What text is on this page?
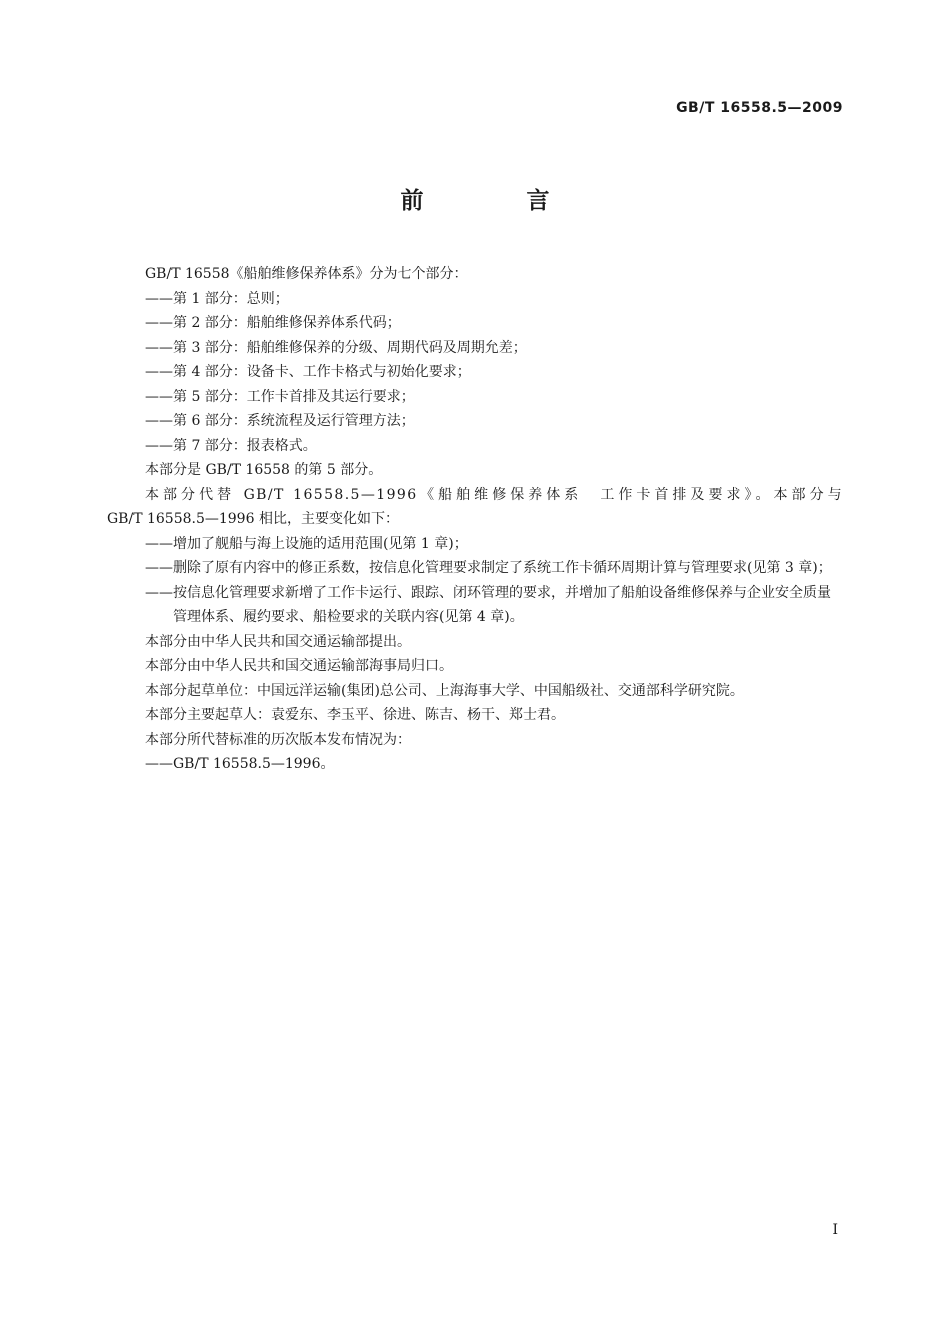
GB/T 16558.5—2009
前　言

GB/T 16558《船舶维修保养体系》分为七个部分：

——第 1 部分：总则；

——第 2 部分：船舶维修保养体系代码；

——第 3 部分：船舶维修保养的分级、周期代码及周期允差；

——第 4 部分：设备卡、工作卡格式与初始化要求；

——第 5 部分：工作卡首排及其运行要求；

——第 6 部分：系统流程及运行管理方法；

——第 7 部分：报表格式。

本部分是 GB/T 16558 的第 5 部分。

本部分代替 GB/T 16558.5—1996《船舶维修保养体系　工作卡首排及要求》。本部分与

GB/T 16558.5—1996 相比，主要变化如下：

——增加了舰船与海上设施的适用范围(见第 1 章)；

——删除了原有内容中的修正系数，按信息化管理要求制定了系统工作卡循环周期计算与管理要求(见第 3 章)；

——按信息化管理要求新增了工作卡运行、跟踪、闭环管理的要求，并增加了船舶设备维修保养与企业安全质量管理体系、履约要求、船检要求的关联内容(见第 4 章)。

本部分由中华人民共和国交通运输部提出。

本部分由中华人民共和国交通运输部海事局归口。

本部分起草单位：中国远洋运输(集团)总公司、上海海事大学、中国船级社、交通部科学研究院。

本部分主要起草人：袁爱东、李玉平、徐进、陈吉、杨干、郑士君。

本部分所代替标准的历次版本发布情况为：

——GB/T 16558.5—1996。

I
